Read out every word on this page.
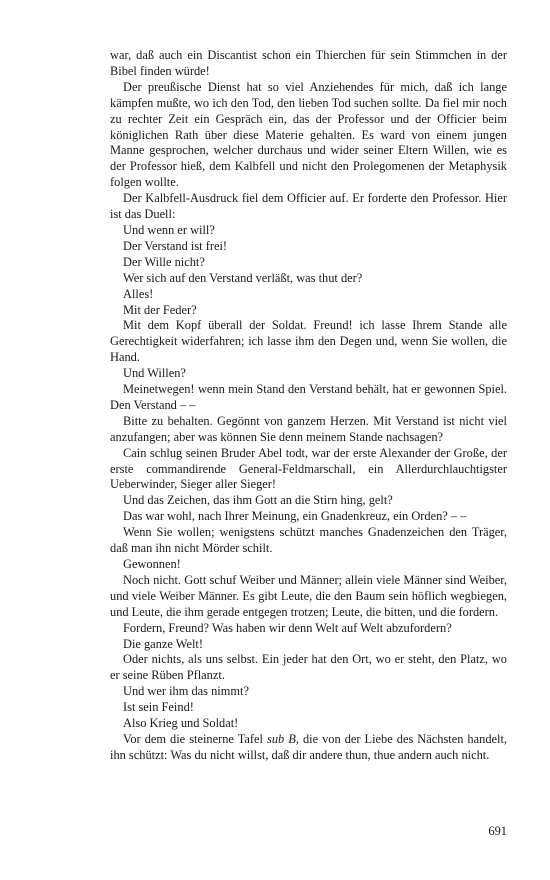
war, daß auch ein Discantist schon ein Thierchen für sein Stimmchen in der Bibel finden würde!

Der preußische Dienst hat so viel Anziehendes für mich, daß ich lange kämpfen mußte, wo ich den Tod, den lieben Tod suchen sollte. Da fiel mir noch zu rechter Zeit ein Gespräch ein, das der Professor und der Officier beim königlichen Rath über diese Materie gehalten. Es ward von einem jungen Manne gesprochen, welcher durchaus und wider seiner Eltern Willen, wie es der Professor hieß, dem Kalbfell und nicht den Prolegomenen der Metaphysik folgen wollte.

Der Kalbfell-Ausdruck fiel dem Officier auf. Er forderte den Professor. Hier ist das Duell:

Und wenn er will?

Der Verstand ist frei!

Der Wille nicht?

Wer sich auf den Verstand verläßt, was thut der?

Alles!

Mit der Feder?

Mit dem Kopf überall der Soldat. Freund! ich lasse Ihrem Stande alle Gerechtigkeit widerfahren; ich lasse ihm den Degen und, wenn Sie wollen, die Hand.

Und Willen?

Meinetwegen! wenn mein Stand den Verstand behält, hat er gewonnen Spiel. Den Verstand – –

Bitte zu behalten. Gegönnt von ganzem Herzen. Mit Verstand ist nicht viel anzufangen; aber was können Sie denn meinem Stande nachsagen?

Cain schlug seinen Bruder Abel todt, war der erste Alexander der Große, der erste commandirende General-Feldmarschall, ein Allerdurchlauchtigster Ueberwinder, Sieger aller Sieger!

Und das Zeichen, das ihm Gott an die Stirn hing, gelt?

Das war wohl, nach Ihrer Meinung, ein Gnadenkreuz, ein Orden? – –

Wenn Sie wollen; wenigstens schützt manches Gnadenzeichen den Träger, daß man ihn nicht Mörder schilt.

Gewonnen!

Noch nicht. Gott schuf Weiber und Männer; allein viele Männer sind Weiber, und viele Weiber Männer. Es gibt Leute, die den Baum sein höflich wegbiegen, und Leute, die ihm gerade entgegen trotzen; Leute, die bitten, und die fordern.

Fordern, Freund? Was haben wir denn Welt auf Welt abzufordern?

Die ganze Welt!

Oder nichts, als uns selbst. Ein jeder hat den Ort, wo er steht, den Platz, wo er seine Rüben Pflanzt.

Und wer ihm das nimmt?

Ist sein Feind!

Also Krieg und Soldat!

Vor dem die steinerne Tafel sub B, die von der Liebe des Nächsten handelt, ihn schützt: Was du nicht willst, daß dir andere thun, thue andern auch nicht.

691
